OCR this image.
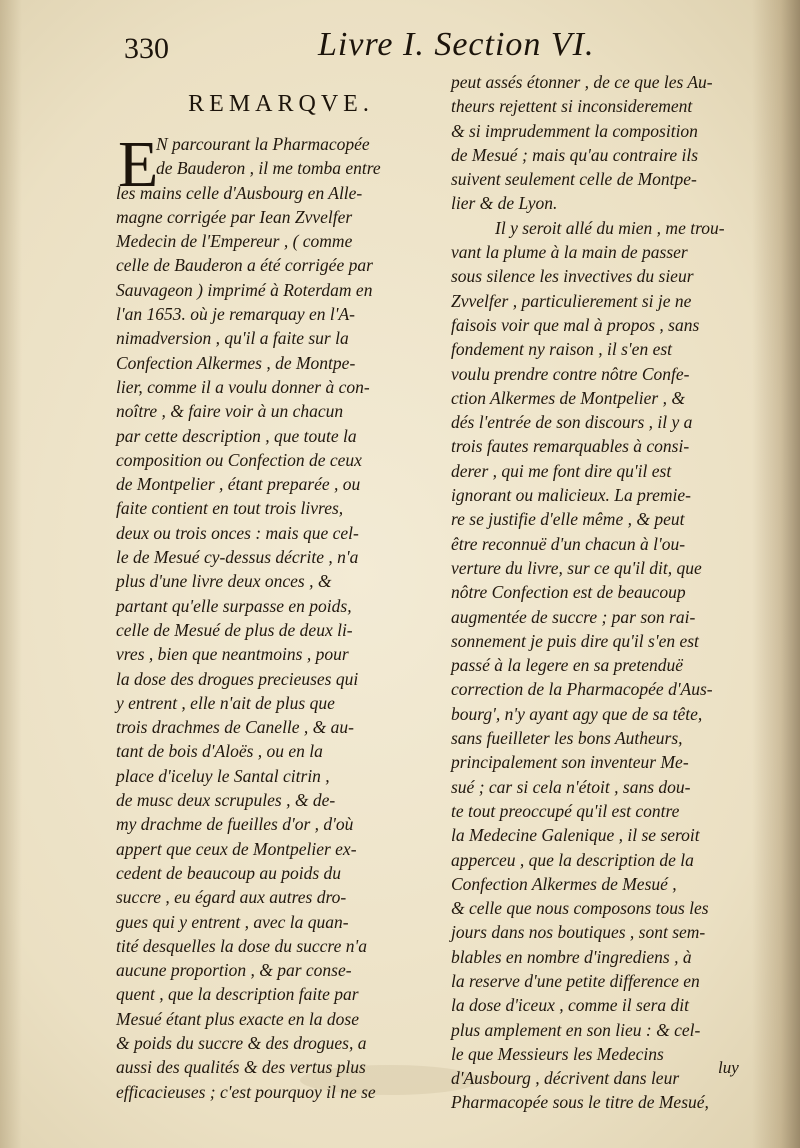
330	Livre I. Section VI.
REMARQVE.
E
N parcourant la Pharmacopée
de Bauderon , il me tomba entre
les mains celle d'Ausbourg en Alle-
magne corrigée par Iean Zvvelfer
Medecin de l'Empereur , ( comme
celle de Bauderon a été corrigée par
Sauvageon ) imprimé à Roterdam en
l'an 1653. où je remarquay en l'A-
nimadversion , qu'il a faite sur la
Confection Alkermes , de Montpe-
lier, comme il a voulu donner à con-
noître , & faire voir à un chacun
par cette description , que toute la
composition ou Confection de ceux
de Montpelier , étant preparée , ou
faite contient en tout trois livres,
deux ou trois onces : mais que cel-
le de Mesué cy-dessus décrite , n'a
plus d'une livre deux onces , &
partant qu'elle surpasse en poids,
celle de Mesué de plus de deux li-
vres , bien que neantmoins , pour
la dose des drogues precieuses qui
y entrent , elle n'ait de plus que
trois drachmes de Canelle , & au-
tant de bois d'Aloës , ou en la
place d'iceluy le Santal citrin ,
de musc deux scrupules , & de-
my drachme de fueilles d'or , d'où
appert que ceux de Montpelier ex-
cedent de beaucoup au poids du
succre , eu égard aux autres dro-
gues qui y entrent , avec la quan-
tité desquelles la dose du succre n'a
aucune proportion , & par conse-
quent , que la description faite par
Mesué étant plus exacte en la dose
& poids du succre & des drogues, a
aussi des qualités & des vertus plus
efficacieuses ; c'est pourquoy il ne se
peut assés étonner , de ce que les Au-
theurs rejettent si inconsiderement
& si imprudemment la composition
de Mesué ; mais qu'au contraire ils
suivent seulement celle de Montpe-
lier & de Lyon.
Il y seroit allé du mien , me trou-
vant la plume à la main de passer
sous silence les invectives du sieur
Zvvelfer , particulierement si je ne
faisois voir que mal à propos , sans
fondement ny raison , il s'en est
voulu prendre contre nôtre Confe-
ction Alkermes de Montpelier , &
dés l'entrée de son discours , il y a
trois fautes remarquables à consi-
derer , qui me font dire qu'il est
ignorant ou malicieux. La premie-
re se justifie d'elle même , & peut
être reconnuë d'un chacun à l'ou-
verture du livre, sur ce qu'il dit, que
nôtre Confection est de beaucoup
augmentée de succre ; par son rai-
sonnement je puis dire qu'il s'en est
passé à la legere en sa pretenduë
correction de la Pharmacopée d'Aus-
bourg', n'y ayant agy que de sa tête,
sans fueilleter les bons Autheurs,
principalement son inventeur Me-
sué ; car si cela n'étoit , sans dou-
te tout preoccupé qu'il est contre
la Medecine Galenique , il se seroit
apperceu , que la description de la
Confection Alkermes de Mesué ,
& celle que nous composons tous les
jours dans nos boutiques , sont sem-
blables en nombre d'ingrediens , à
la reserve d'une petite difference en
la dose d'iceux , comme il sera dit
plus amplement en son lieu : & cel-
le que Messieurs les Medecins
d'Ausbourg , décrivent dans leur
Pharmacopée sous le titre de Mesué,
luy
